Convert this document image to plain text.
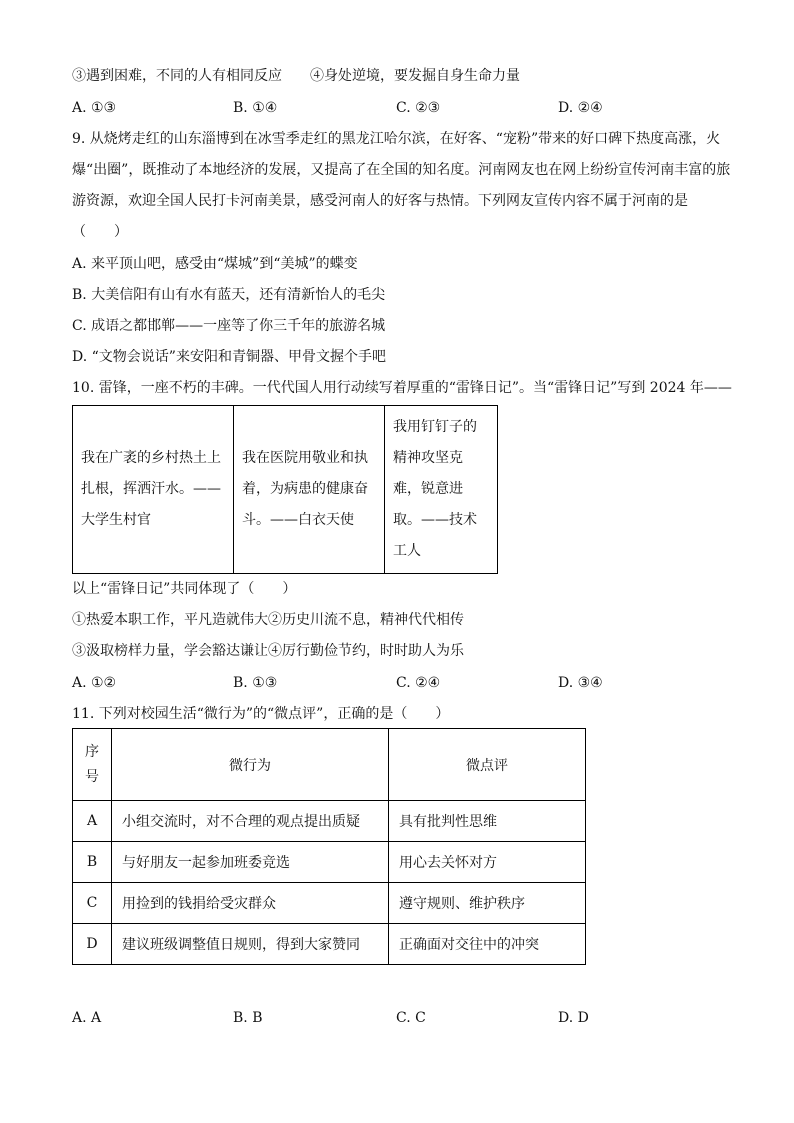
③遇到困难，不同的人有相同反应　　④身处逆境，要发掘自身生命力量
A. ①③	B. ①④	C. ②③	D. ②④
9. 从烧烤走红的山东淄博到在冰雪季走红的黑龙江哈尔滨，在好客、“宠粉”带来的好口碑下热度高涨，火爆“出圈”，既推动了本地经济的发展，又提高了在全国的知名度。河南网友也在网上纷纷宣传河南丰富的旅游资源，欢迎全国人民打卡河南美景，感受河南人的好客与热情。下列网友宣传内容不属于河南的是（　　）
A. 来平顶山吧，感受由“煤城”到“美城”的蝶变
B. 大美信阳有山有水有蓝天，还有清新怡人的毛尖
C. 成语之都邯郸——一座等了你三千年的旅游名城
D. “文物会说话”来安阳和青铜器、甲骨文握个手吧
10. 雷锋，一座不朽的丰碑。一代代国人用行动续写着厚重的“雷锋日记”。当“雷锋日记”写到 2024 年——
我在广袤的乡村热土上扎根，挥洒汗水。——大学生村官	我在医院用敬业和执着，为病患的健康奋斗。——白衣天使	我用钉钉子的精神攻坚克难，锐意进取。——技术工人
以上“雷锋日记”共同体现了（　　）
①热爱本职工作，平凡造就伟大②历史川流不息，精神代代相传
③汲取榜样力量，学会豁达谦让④厉行勤俭节约，时时助人为乐
A. ①②	B. ①③	C. ②④	D. ③④
11. 下列对校园生活“微行为”的“微点评”，正确的是（　　）
序号	微行为	微点评
A	小组交流时，对不合理的观点提出质疑	具有批判性思维
B	与好朋友一起参加班委竞选	用心去关怀对方
C	用捡到的钱捐给受灾群众	遵守规则、维护秩序
D	建议班级调整值日规则，得到大家赞同	正确面对交往中的冲突
A. A	B. B	C. C	D. D
